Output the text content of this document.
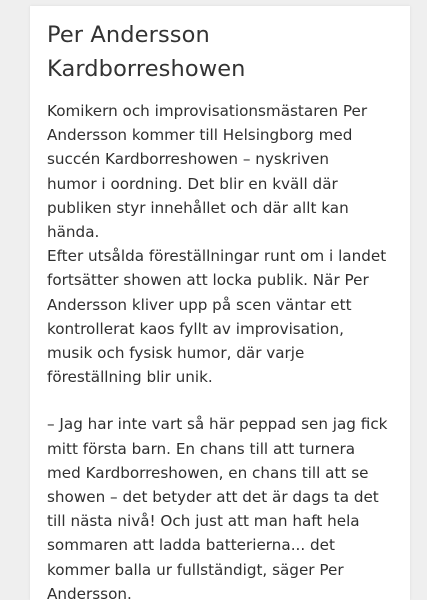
Per Andersson
Kardborreshowen

Komikern och improvisationsmästaren Per
Andersson kommer till Helsingborg med
succén Kardborreshowen – nyskriven
humor i oordning. Det blir en kväll där
publiken styr innehållet och där allt kan
hända.
Efter utsålda föreställningar runt om i landet
fortsätter showen att locka publik. När Per
Andersson kliver upp på scen väntar ett
kontrollerat kaos fyllt av improvisation,
musik och fysisk humor, där varje
föreställning blir unik.

– Jag har inte vart så här peppad sen jag fick
mitt första barn. En chans till att turnera
med Kardborreshowen, en chans till att se
showen – det betyder att det är dags ta det
till nästa nivå! Och just att man haft hela
sommaren att ladda batterierna... det
kommer balla ur fullständigt, säger Per
Andersson.
